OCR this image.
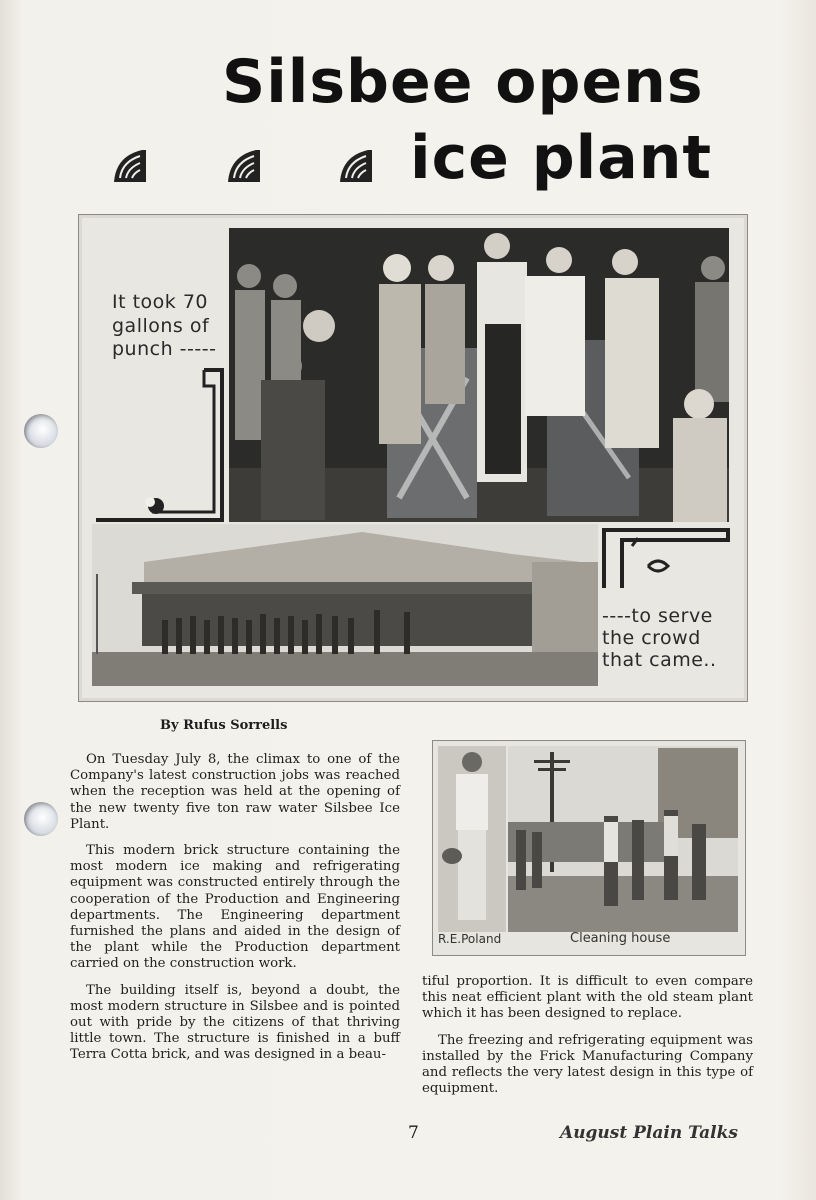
Silsbee opens
ice plant
It took 70
gallons of
punch -----
----to serve
the crowd
that came..
By Rufus Sorrells
R.E.Poland	Cleaning house

On Tuesday July 8, the climax to one of the Company's latest construction jobs was reached when the reception was held at the opening of the new twenty five ton raw water Silsbee Ice Plant.

This modern brick structure containing the most modern ice making and refrigerating equipment was constructed entirely through the cooperation of the Production and Engineering departments. The Engineering department furnished the plans and aided in the design of the plant while the Production department carried on the construction work.

The building itself is, beyond a doubt, the most modern structure in Silsbee and is pointed out with pride by the citizens of that thriving little town. The structure is finished in a buff Terra Cotta brick, and was designed in a beau-

tiful proportion. It is difficult to even compare this neat efficient plant with the old steam plant which it has been designed to replace.

The freezing and refrigerating equipment was installed by the Frick Manufacturing Company and reflects the very latest design in this type of equipment.

7	August Plain Talks
